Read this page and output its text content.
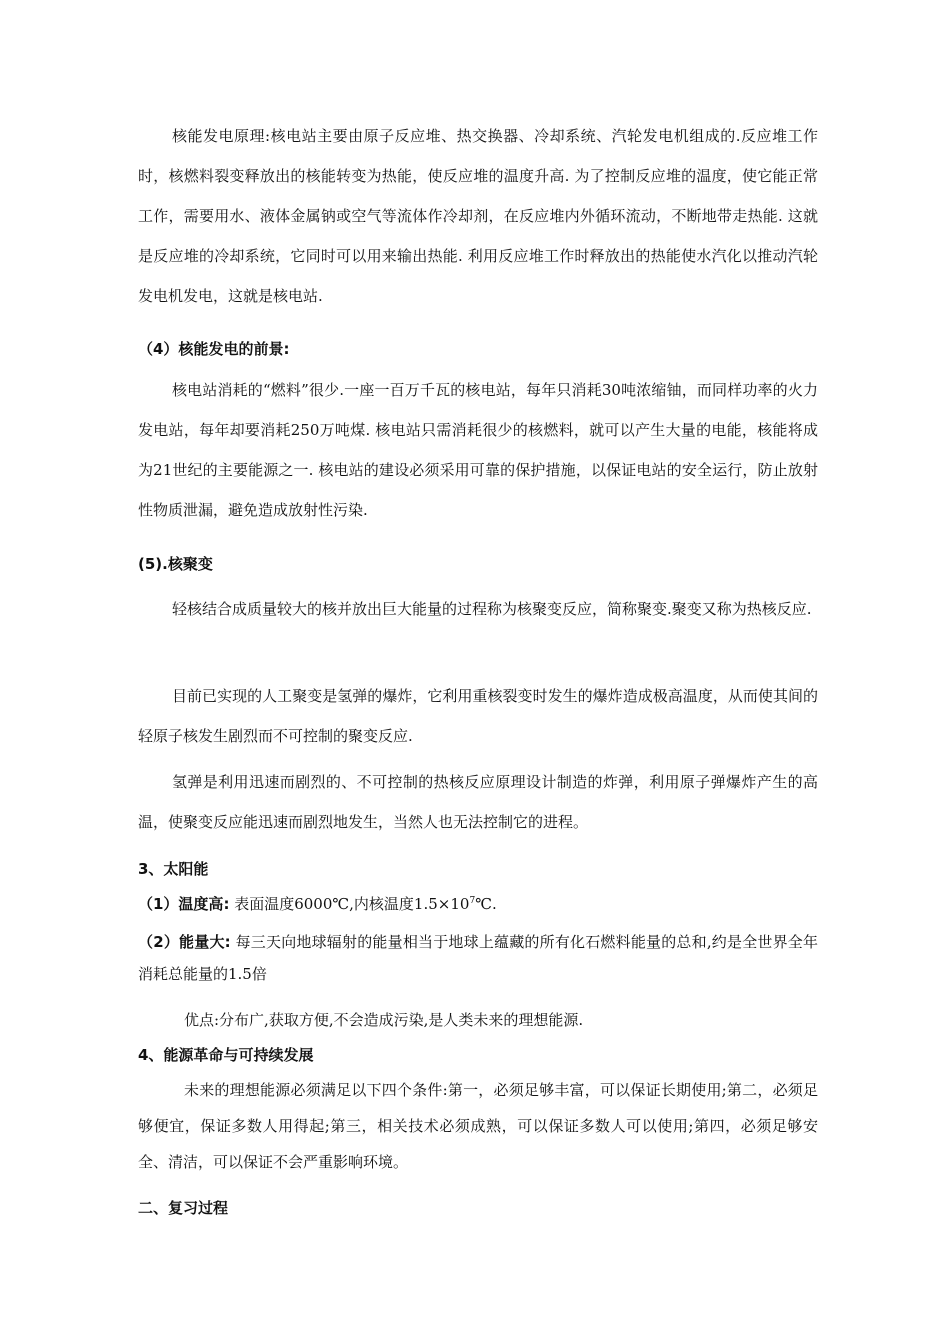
核能发电原理:核电站主要由原子反应堆、热交换器、冷却系统、汽轮发电机组成的.反应堆工作时，核燃料裂变释放出的核能转变为热能，使反应堆的温度升高. 为了控制反应堆的温度，使它能正常工作，需要用水、液体金属钠或空气等流体作冷却剂，在反应堆内外循环流动，不断地带走热能. 这就是反应堆的冷却系统，它同时可以用来输出热能. 利用反应堆工作时释放出的热能使水汽化以推动汽轮发电机发电，这就是核电站.

（4）核能发电的前景:

核电站消耗的“燃料”很少.一座一百万千瓦的核电站，每年只消耗30吨浓缩铀，而同样功率的火力发电站，每年却要消耗250万吨煤. 核电站只需消耗很少的核燃料，就可以产生大量的电能，核能将成为21世纪的主要能源之一. 核电站的建设必须采用可靠的保护措施，以保证电站的安全运行，防止放射性物质泄漏，避免造成放射性污染.

(5).核聚变

轻核结合成质量较大的核并放出巨大能量的过程称为核聚变反应，简称聚变.聚变又称为热核反应.

目前已实现的人工聚变是氢弹的爆炸，它利用重核裂变时发生的爆炸造成极高温度，从而使其间的轻原子核发生剧烈而不可控制的聚变反应.

氢弹是利用迅速而剧烈的、不可控制的热核反应原理设计制造的炸弹，利用原子弹爆炸产生的高温，使聚变反应能迅速而剧烈地发生，当然人也无法控制它的进程。

3、太阳能

（1）温度高: 表面温度6000℃,内核温度$1.5\times 10^7℃$.

（2）能量大: 每三天向地球辐射的能量相当于地球上蕴藏的所有化石燃料能量的总和,约是全世界全年消耗总能量的1.5倍

优点:分布广,获取方便,不会造成污染,是人类未来的理想能源.

4、能源革命与可持续发展

未来的理想能源必须满足以下四个条件:第一，必须足够丰富，可以保证长期使用;第二，必须足够便宜，保证多数人用得起;第三，相关技术必须成熟，可以保证多数人可以使用;第四，必须足够安全、清洁，可以保证不会严重影响环境。

二、复习过程
